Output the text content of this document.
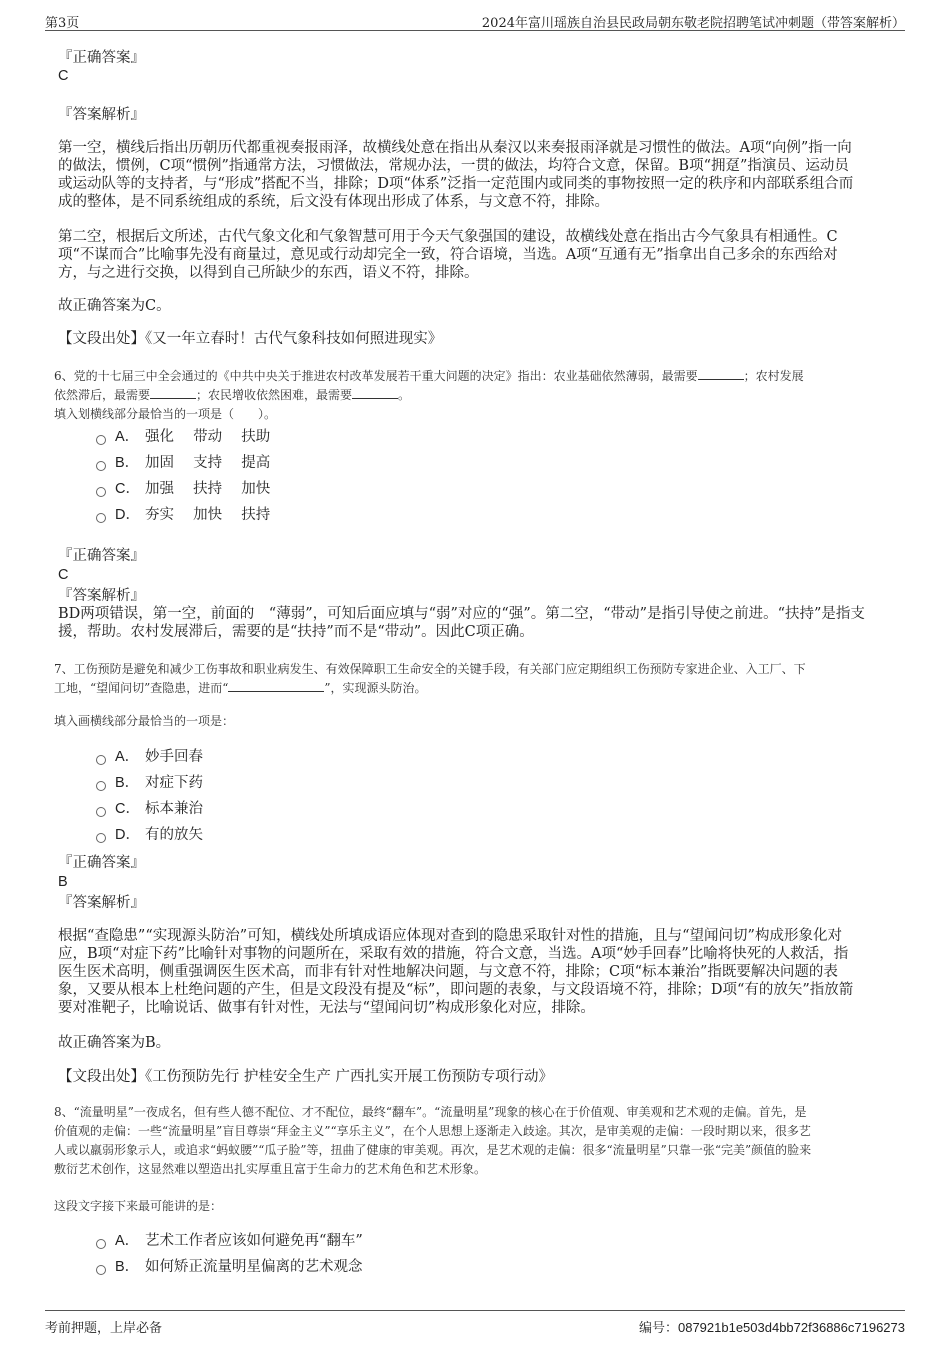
第3页	2024年富川瑶族自治县民政局朝东敬老院招聘笔试冲刺题（带答案解析）
『正确答案』
C
『答案解析』
第一空，横线后指出历朝历代都重视奏报雨泽，故横线处意在指出从秦汉以来奏报雨泽就是习惯性的做法。A项“向例”指一向
的做法，惯例，C项“惯例”指通常方法，习惯做法，常规办法，一贯的做法，均符合文意，保留。B项“拥趸”指演员、运动员
或运动队等的支持者，与“形成”搭配不当，排除；D项“体系”泛指一定范围内或同类的事物按照一定的秩序和内部联系组合而
成的整体，是不同系统组成的系统，后文没有体现出形成了体系，与文意不符，排除。
第二空，根据后文所述，古代气象文化和气象智慧可用于今天气象强国的建设，故横线处意在指出古今气象具有相通性。C
项“不谋而合”比喻事先没有商量过，意见或行动却完全一致，符合语境，当选。A项“互通有无”指拿出自己多余的东西给对
方，与之进行交换，以得到自己所缺少的东西，语义不符，排除。
故正确答案为C。
【文段出处】《又一年立春时！古代气象科技如何照进现实》
6、党的十七届三中全会通过的《中共中央关于推进农村改革发展若干重大问题的决定》指出：农业基础依然薄弱，最需要	；农村发展
依然滞后，最需要	；农民增收依然困难，最需要	。
填入划横线部分最恰当的一项是（　　）。
A． 强化　 带动　 扶助
B． 加固　 支持　 提高
C． 加强　 扶持　 加快
D． 夯实　 加快　 扶持
『正确答案』
C
『答案解析』
BD两项错误，第一空，前面的　“薄弱”，可知后面应填与“弱”对应的“强”。第二空，“带动”是指引导使之前进。“扶持”是指支
援，帮助。农村发展滞后，需要的是“扶持”而不是“带动”。因此C项正确。
7、工伤预防是避免和减少工伤事故和职业病发生、有效保障职工生命安全的关键手段，有关部门应定期组织工伤预防专家进企业、入工厂、下
工地，“望闻问切”查隐患，进而“	”，实现源头防治。
填入画横线部分最恰当的一项是：
A． 妙手回春
B． 对症下药
C． 标本兼治
D． 有的放矢
『正确答案』
B
『答案解析』
根据“查隐患”“实现源头防治”可知，横线处所填成语应体现对查到的隐患采取针对性的措施，且与“望闻问切”构成形象化对
应，B项“对症下药”比喻针对事物的问题所在，采取有效的措施，符合文意，当选。A项“妙手回春”比喻将快死的人救活，指
医生医术高明，侧重强调医生医术高，而非有针对性地解决问题，与文意不符，排除；C项“标本兼治”指既要解决问题的表
象，又要从根本上杜绝问题的产生，但是文段没有提及“标”，即问题的表象，与文段语境不符，排除；D项“有的放矢”指放箭
要对准靶子，比喻说话、做事有针对性，无法与“望闻问切”构成形象化对应，排除。
故正确答案为B。
【文段出处】《工伤预防先行 护桂安全生产 广西扎实开展工伤预防专项行动》
8、“流量明星”一夜成名，但有些人德不配位、才不配位，最终“翻车”。“流量明星”现象的核心在于价值观、审美观和艺术观的走偏。首先，是
价值观的走偏：一些“流量明星”盲目尊崇“拜金主义”“享乐主义”，在个人思想上逐渐走入歧途。其次，是审美观的走偏：一段时期以来，很多艺
人或以羸弱形象示人，或追求“蚂蚁腰”“瓜子脸”等，扭曲了健康的审美观。再次，是艺术观的走偏：很多“流量明星”只靠一张“完美”颜值的脸来
敷衍艺术创作，这显然难以塑造出扎实厚重且富于生命力的艺术角色和艺术形象。
这段文字接下来最可能讲的是：
A． 艺术工作者应该如何避免再“翻车”
B． 如何矫正流量明星偏离的艺术观念
考前押题，上岸必备	编号：087921b1e503d4bb72f36886c7196273
